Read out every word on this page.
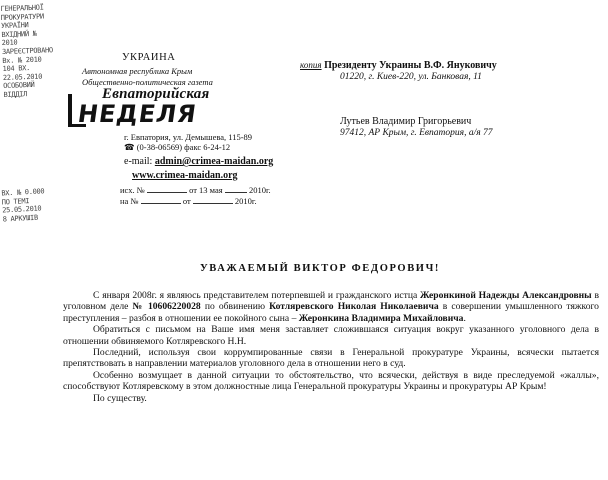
ГЕНЕРАЛЬНОЇ
ПРОКУРАТУРИ
УКРАЇНИ
ВХІДНИЙ №
2010
ЗАРЕЄСТРОВАНО
Вх. № 2010
104 ВХ.
22.05.2010
ОСОБОВИЙ
ВІДДІЛ
ВХ. № 0.000
ПО ТЕМІ
25.05.2010
8 АРКУШІВ
УКРАИНА
Автономная республика Крым
Общественно-политическая газета
Евпаторийская
НЕДЕЛЯ
г. Евпатория, ул. Демышева, 115-89
☎ (0-38-06569) факс 6-24-12
e-mail: admin@crimea-maidan.org
www.crimea-maidan.org
исх. №	от 13 мая	2010г.
на №	от	2010г.
копия Президенту Украины В.Ф. Януковичу
01220, г. Киев-220, ул. Банковая, 11
Лутьев Владимир Григорьевич
97412, АР Крым, г. Евпатория, а/я 77
УВАЖАЕМЫЙ ВИКТОР ФЕДОРОВИЧ!

С января 2008г. я являюсь представителем потерпевшей и гражданского истца Жеронкиной Надежды Александровны в уголовном деле № 10606220028 по обвинению Котляревского Николая Николаевича в совершении умышленного тяжкого преступления – разбоя в отношении ее покойного сына – Жеронкина Владимира Михайловича.

Обратиться с письмом на Ваше имя меня заставляет сложившаяся ситуация вокруг указанного уголовного дела в отношении обвиняемого Котляревского Н.Н.

Последний, используя свои коррумпированные связи в Генеральной прокуратуре Украины, всячески пытается препятствовать в направлении материалов уголовного дела в отношении него в суд.

Особенно возмущает в данной ситуации то обстоятельство, что всячески, действуя в виде преследуемой «жаллы», способствуют Котляревскому в этом должностные лица Генеральной прокуратуры Украины и прокуратуры АР Крым!

По существу.
